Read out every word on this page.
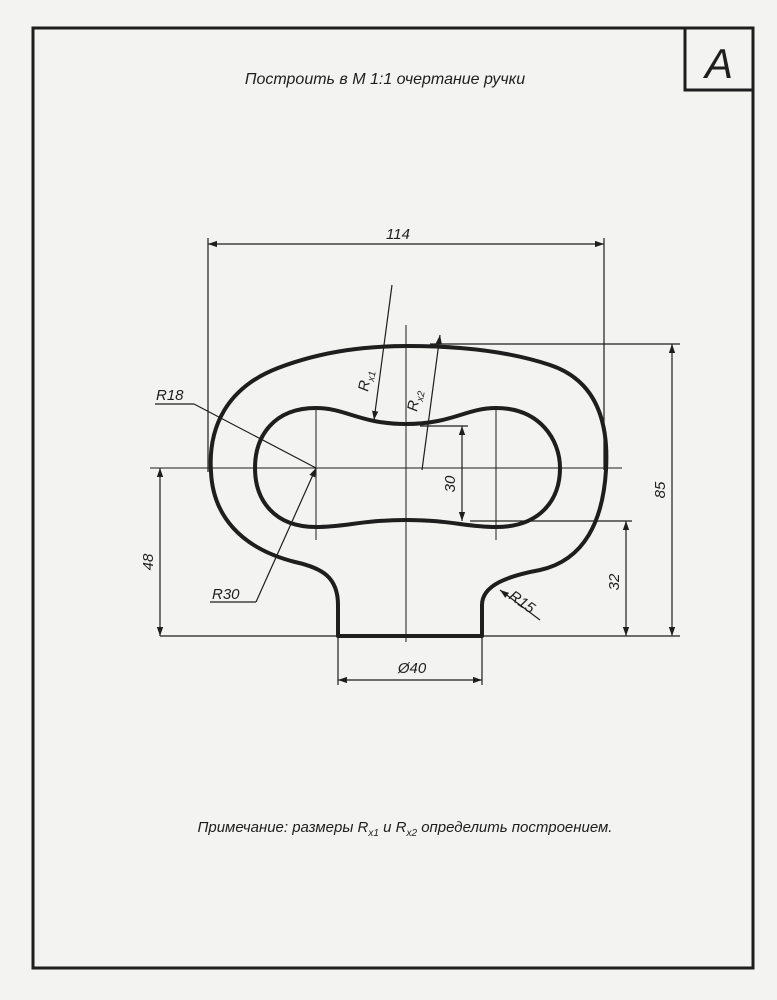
А
Построить в М 1:1 очертание ручки
114
85
48
32
30
Ø40
R18
R30	R15
$R_{x1}$
$R_{x2}$
Примечание: размеры $R_{x1}$ и $R_{x2}$ определить построением.
